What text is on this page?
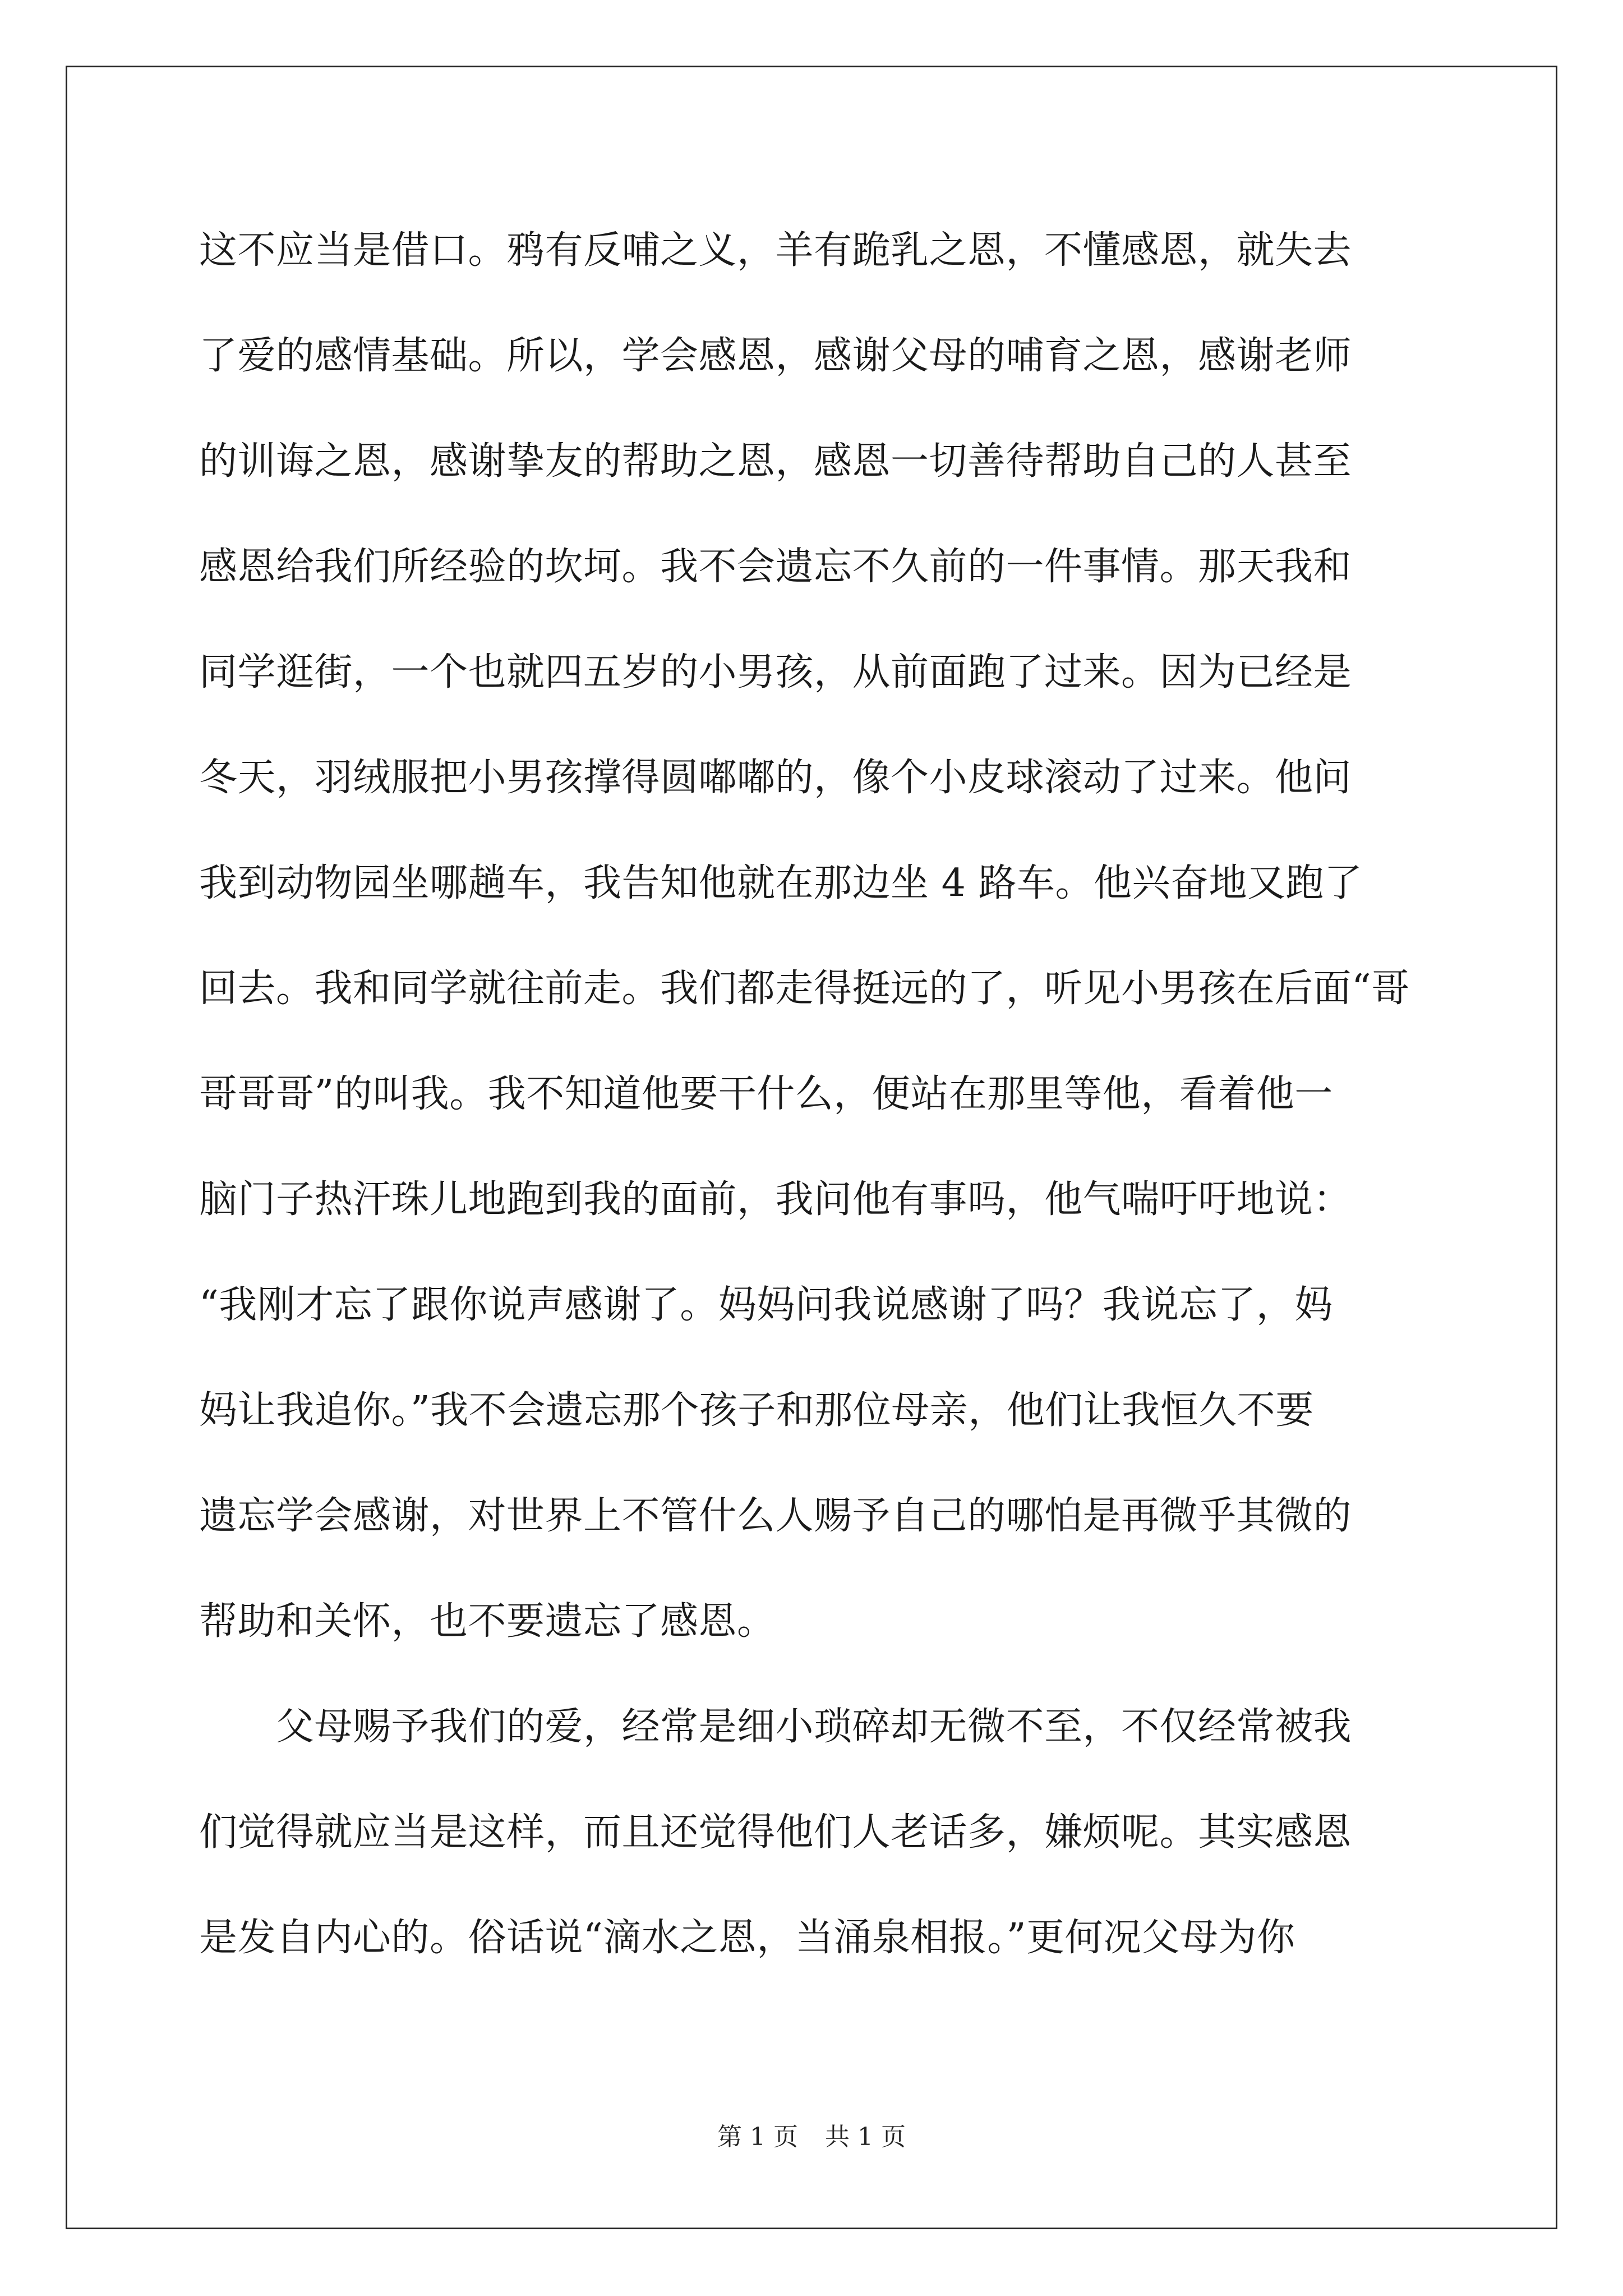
这不应当是借口。鸦有反哺之义，羊有跪乳之恩，不懂感恩，就失去
了爱的感情基础。所以，学会感恩，感谢父母的哺育之恩，感谢老师
的训诲之恩，感谢挚友的帮助之恩，感恩一切善待帮助自己的人甚至
感恩给我们所经验的坎坷。我不会遗忘不久前的一件事情。那天我和
同学逛街，一个也就四五岁的小男孩，从前面跑了过来。因为已经是
冬天，羽绒服把小男孩撑得圆嘟嘟的，像个小皮球滚动了过来。他问
我到动物园坐哪趟车，我告知他就在那边坐 4 路车。他兴奋地又跑了
回去。我和同学就往前走。我们都走得挺远的了，听见小男孩在后面“哥
哥哥哥”的叫我。我不知道他要干什么，便站在那里等他，看着他一
脑门子热汗珠儿地跑到我的面前，我问他有事吗，他气喘吁吁地说：
“我刚才忘了跟你说声感谢了。妈妈问我说感谢了吗？我说忘了，妈
妈让我追你。”我不会遗忘那个孩子和那位母亲，他们让我恒久不要
遗忘学会感谢，对世界上不管什么人赐予自己的哪怕是再微乎其微的
帮助和关怀，也不要遗忘了感恩。
父母赐予我们的爱，经常是细小琐碎却无微不至，不仅经常被我
们觉得就应当是这样，而且还觉得他们人老话多，嫌烦呢。其实感恩
是发自内心的。俗话说“滴水之恩，当涌泉相报。”更何况父母为你
第 1 页 共 1 页
